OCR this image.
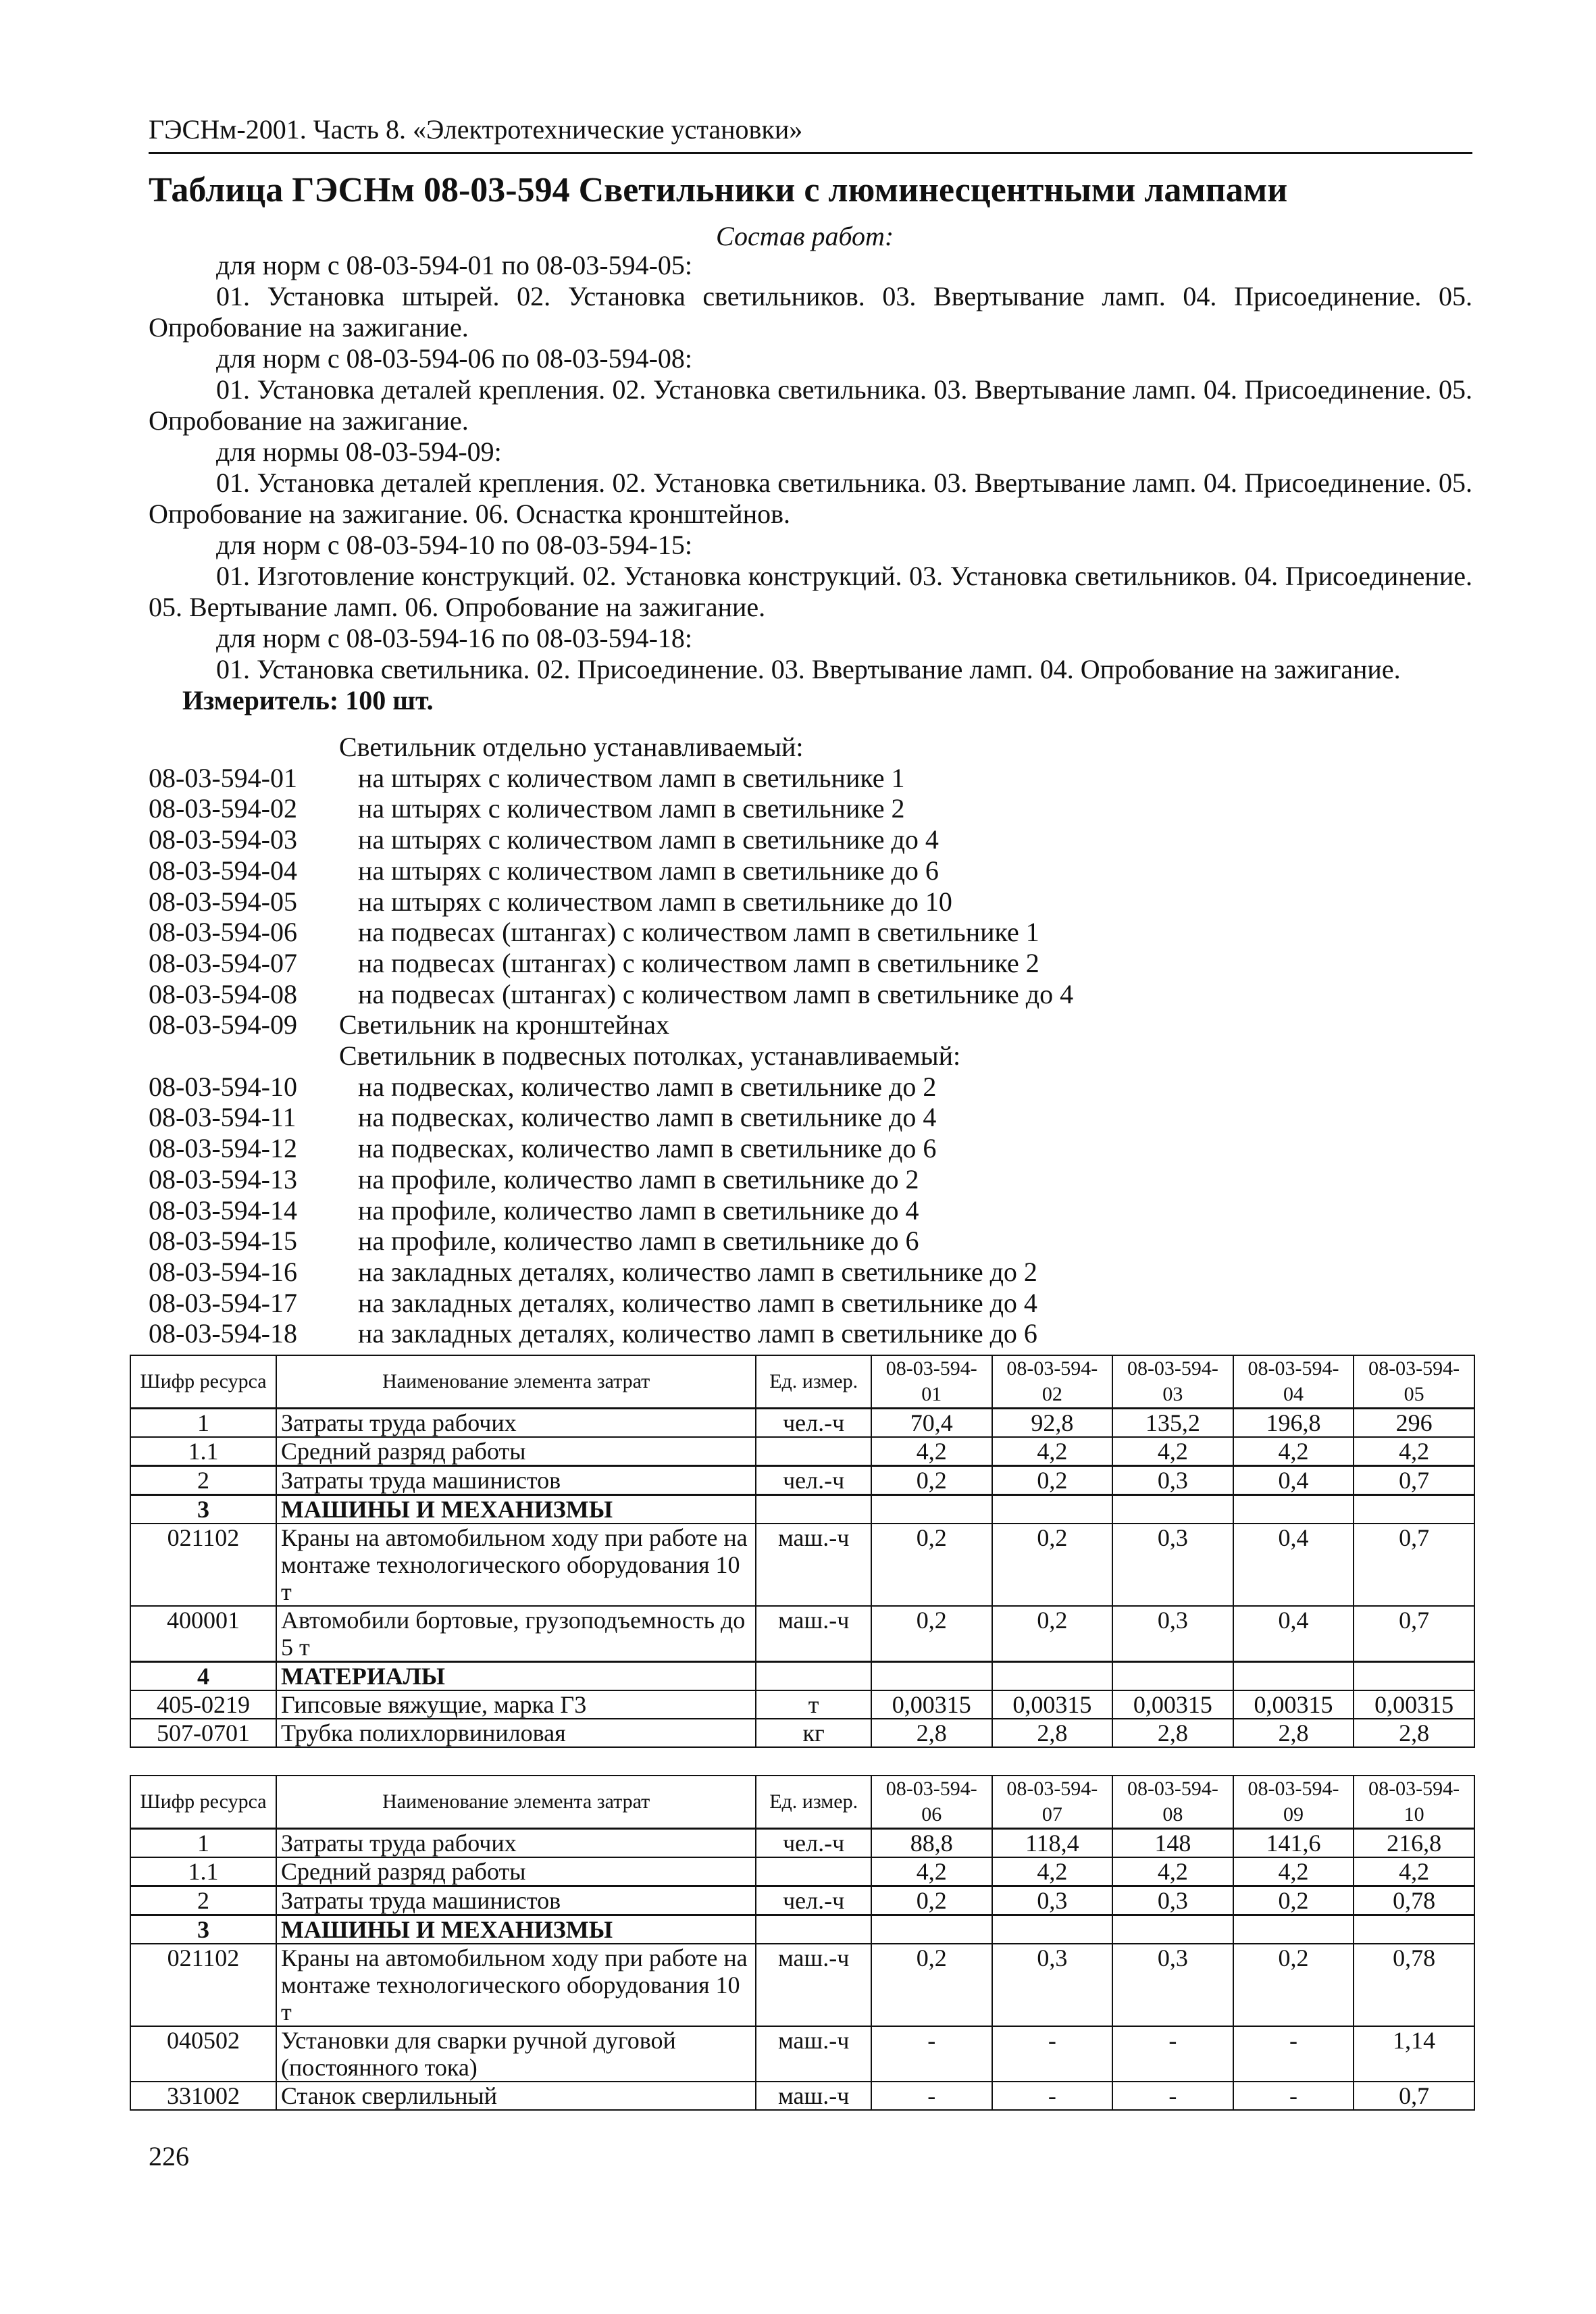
ГЭСНм-2001. Часть 8. «Электротехнические установки»
Таблица ГЭСНм 08-03-594 Светильники с люминесцентными лампами
Состав работ:

для норм с 08-03-594-01 по 08-03-594-05:

01. Установка штырей. 02. Установка светильников. 03. Ввертывание ламп. 04. Присоединение. 05. Опробование на зажигание.

для норм с 08-03-594-06 по 08-03-594-08:

01. Установка деталей крепления. 02. Установка светильника. 03. Ввертывание ламп. 04. Присоединение. 05. Опробование на зажигание.

для нормы 08-03-594-09:

01. Установка деталей крепления. 02. Установка светильника. 03. Ввертывание ламп. 04. Присоединение. 05. Опробование на зажигание. 06. Оснастка кронштейнов.

для норм с 08-03-594-10 по 08-03-594-15:

01. Изготовление конструкций. 02. Установка конструкций. 03. Установка светильников. 04. Присоединение. 05. Вертывание ламп. 06. Опробование на зажигание.

для норм с 08-03-594-16 по 08-03-594-18:

01. Установка светильника. 02. Присоединение. 03. Ввертывание ламп. 04. Опробование на зажигание.

Измеритель: 100 шт.

Светильник отдельно устанавливаемый:
08-03-594-01	на штырях с количеством ламп в светильнике 1
08-03-594-02	на штырях с количеством ламп в светильнике 2
08-03-594-03	на штырях с количеством ламп в светильнике до 4
08-03-594-04	на штырях с количеством ламп в светильнике до 6
08-03-594-05	на штырях с количеством ламп в светильнике до 10
08-03-594-06	на подвесах (штангах) с количеством ламп в светильнике 1
08-03-594-07	на подвесах (штангах) с количеством ламп в светильнике 2
08-03-594-08	на подвесах (штангах) с количеством ламп в светильнике до 4
08-03-594-09	Светильник на кронштейнах
Светильник в подвесных потолках, устанавливаемый:
08-03-594-10	на подвесках, количество ламп в светильнике до 2
08-03-594-11	на подвесках, количество ламп в светильнике до 4
08-03-594-12	на подвесках, количество ламп в светильнике до 6
08-03-594-13	на профиле, количество ламп в светильнике до 2
08-03-594-14	на профиле, количество ламп в светильнике до 4
08-03-594-15	на профиле, количество ламп в светильнике до 6
08-03-594-16	на закладных деталях, количество ламп в светильнике до 2
08-03-594-17	на закладных деталях, количество ламп в светильнике до 4
08-03-594-18	на закладных деталях, количество ламп в светильнике до 6
Шифр ресурса	Наименование элемента затрат	Ед. измер.	08-03-594-01	08-03-594-02	08-03-594-03	08-03-594-04	08-03-594-05
1	Затраты труда рабочих	чел.-ч	70,4	92,8	135,2	196,8	296
1.1	Средний разряд работы		4,2	4,2	4,2	4,2	4,2
2	Затраты труда машинистов	чел.-ч	0,2	0,2	0,3	0,4	0,7
3	МАШИНЫ И МЕХАНИЗМЫ						
021102	Краны на автомобильном ходу при работе на монтаже технологического оборудования 10 т	маш.-ч	0,2	0,2	0,3	0,4	0,7
400001	Автомобили бортовые, грузоподъемность до 5 т	маш.-ч	0,2	0,2	0,3	0,4	0,7
4	МАТЕРИАЛЫ						
405-0219	Гипсовые вяжущие, марка Г3	т	0,00315	0,00315	0,00315	0,00315	0,00315
507-0701	Трубка полихлорвиниловая	кг	2,8	2,8	2,8	2,8	2,8
Шифр ресурса	Наименование элемента затрат	Ед. измер.	08-03-594-06	08-03-594-07	08-03-594-08	08-03-594-09	08-03-594-10
1	Затраты труда рабочих	чел.-ч	88,8	118,4	148	141,6	216,8
1.1	Средний разряд работы		4,2	4,2	4,2	4,2	4,2
2	Затраты труда машинистов	чел.-ч	0,2	0,3	0,3	0,2	0,78
3	МАШИНЫ И МЕХАНИЗМЫ						
021102	Краны на автомобильном ходу при работе на монтаже технологического оборудования 10 т	маш.-ч	0,2	0,3	0,3	0,2	0,78
040502	Установки для сварки ручной дуговой (постоянного тока)	маш.-ч	-	-	-	-	1,14
331002	Станок сверлильный	маш.-ч	-	-	-	-	0,7
226
